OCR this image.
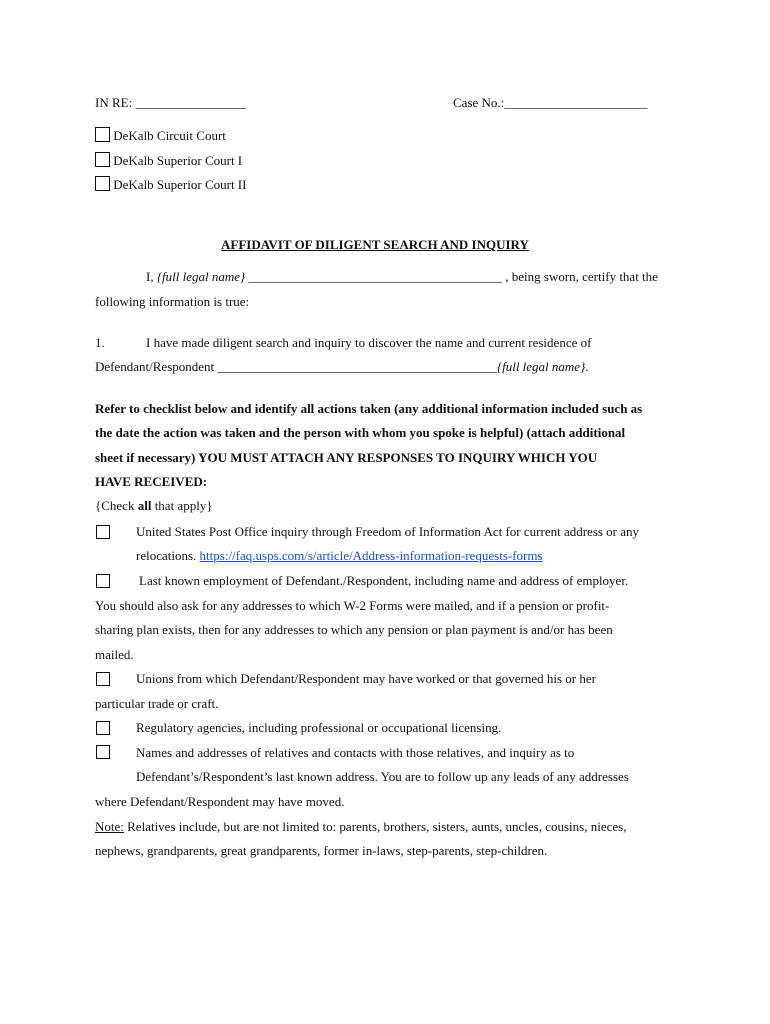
IN RE: _________________	Case No.:______________________
DeKalb Circuit Court
DeKalb Superior Court I
DeKalb Superior Court II
AFFIDAVIT OF DILIGENT SEARCH AND INQUIRY
I, {full legal name} _______________________________________ , being sworn, certify that the
following information is true:
1.	I have made diligent search and inquiry to discover the name and current residence of
Defendant/Respondent ___________________________________________{full legal name}.
Refer to checklist below and identify all actions taken (any additional information included such as
the date the action was taken and the person with whom you spoke is helpful) (attach additional
sheet if necessary) YOU MUST ATTACH ANY RESPONSES TO INQUIRY WHICH YOU
HAVE RECEIVED:
{Check all that apply}
United States Post Office inquiry through Freedom of Information Act for current address or any
relocations. https://faq.usps.com/s/article/Address-information-requests-forms
Last known employment of Defendant./Respondent, including name and address of employer.
You should also ask for any addresses to which W-2 Forms were mailed, and if a pension or profit-
sharing plan exists, then for any addresses to which any pension or plan payment is and/or has been
mailed.
Unions from which Defendant/Respondent may have worked or that governed his or her
particular trade or craft.
Regulatory agencies, including professional or occupational licensing.
Names and addresses of relatives and contacts with those relatives, and inquiry as to
Defendant’s/Respondent’s last known address. You are to follow up any leads of any addresses
where Defendant/Respondent may have moved.
Note: Relatives include, but are not limited to: parents, brothers, sisters, aunts, uncles, cousins, nieces,
nephews, grandparents, great grandparents, former in-laws, step-parents, step-children.
